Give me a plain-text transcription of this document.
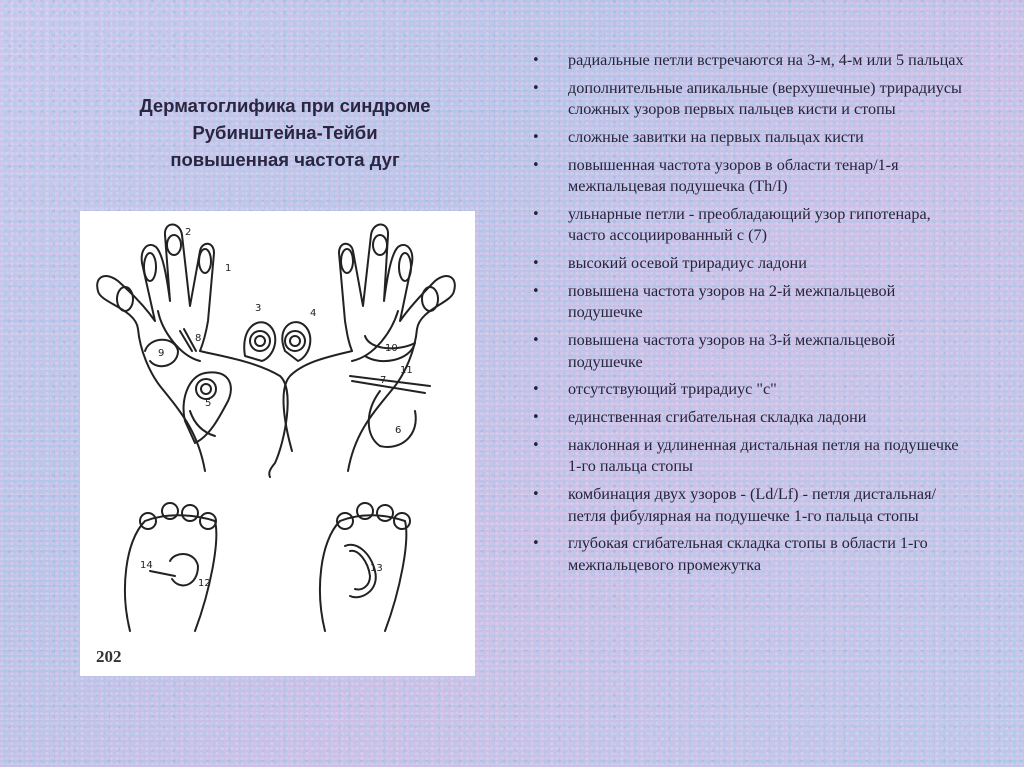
Дерматоглифика при синдроме
Рубинштейна-Тейби
повышенная частота дуг
1
2
3	4
5
6
7
8
9	10
11
12
13
14
202
• радиальные петли встречаются на 3-м, 4-м или 5 пальцах
• дополнительные апикальные (верхушечные) трирадиусы сложных узоров первых пальцев кисти и стопы
• сложные завитки на первых пальцах кисти
• повышенная частота узоров в области тенар/1-я межпальцевая подушечка (Th/I)
• ульнарные петли - преобладающий узор гипотенара, часто ассоциированный с (7)
• высокий осевой трирадиус ладони
• повышена частота узоров на 2-й межпальцевой подушечке
• повышена частота узоров на 3-й межпальцевой подушечке
• отсутствующий трирадиус "с"
• единственная сгибательная складка ладони
• наклонная и удлиненная дистальная петля на подушечке 1-го пальца стопы
• комбинация двух узоров - (Ld/Lf) - петля дистальная/петля фибулярная на подушечке 1-го пальца стопы
• глубокая сгибательная складка стопы в области 1-го межпальцевого промежутка
